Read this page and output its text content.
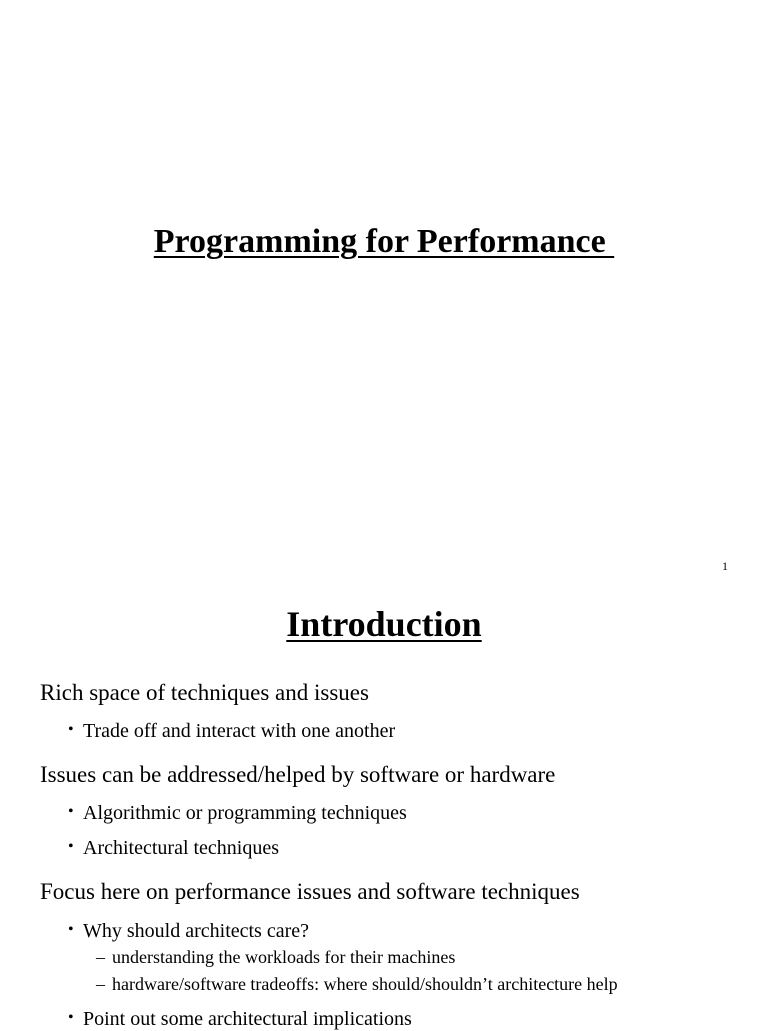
Programming for Performance
1
Introduction
Rich space of techniques and issues
• Trade off and interact with one another
Issues can be addressed/helped by software or hardware
• Algorithmic or programming techniques
• Architectural techniques
Focus here on performance issues and software techniques
• Why should architects care?
– understanding the workloads for their machines
– hardware/software tradeoffs: where should/shouldn’t architecture help
• Point out some architectural implications
